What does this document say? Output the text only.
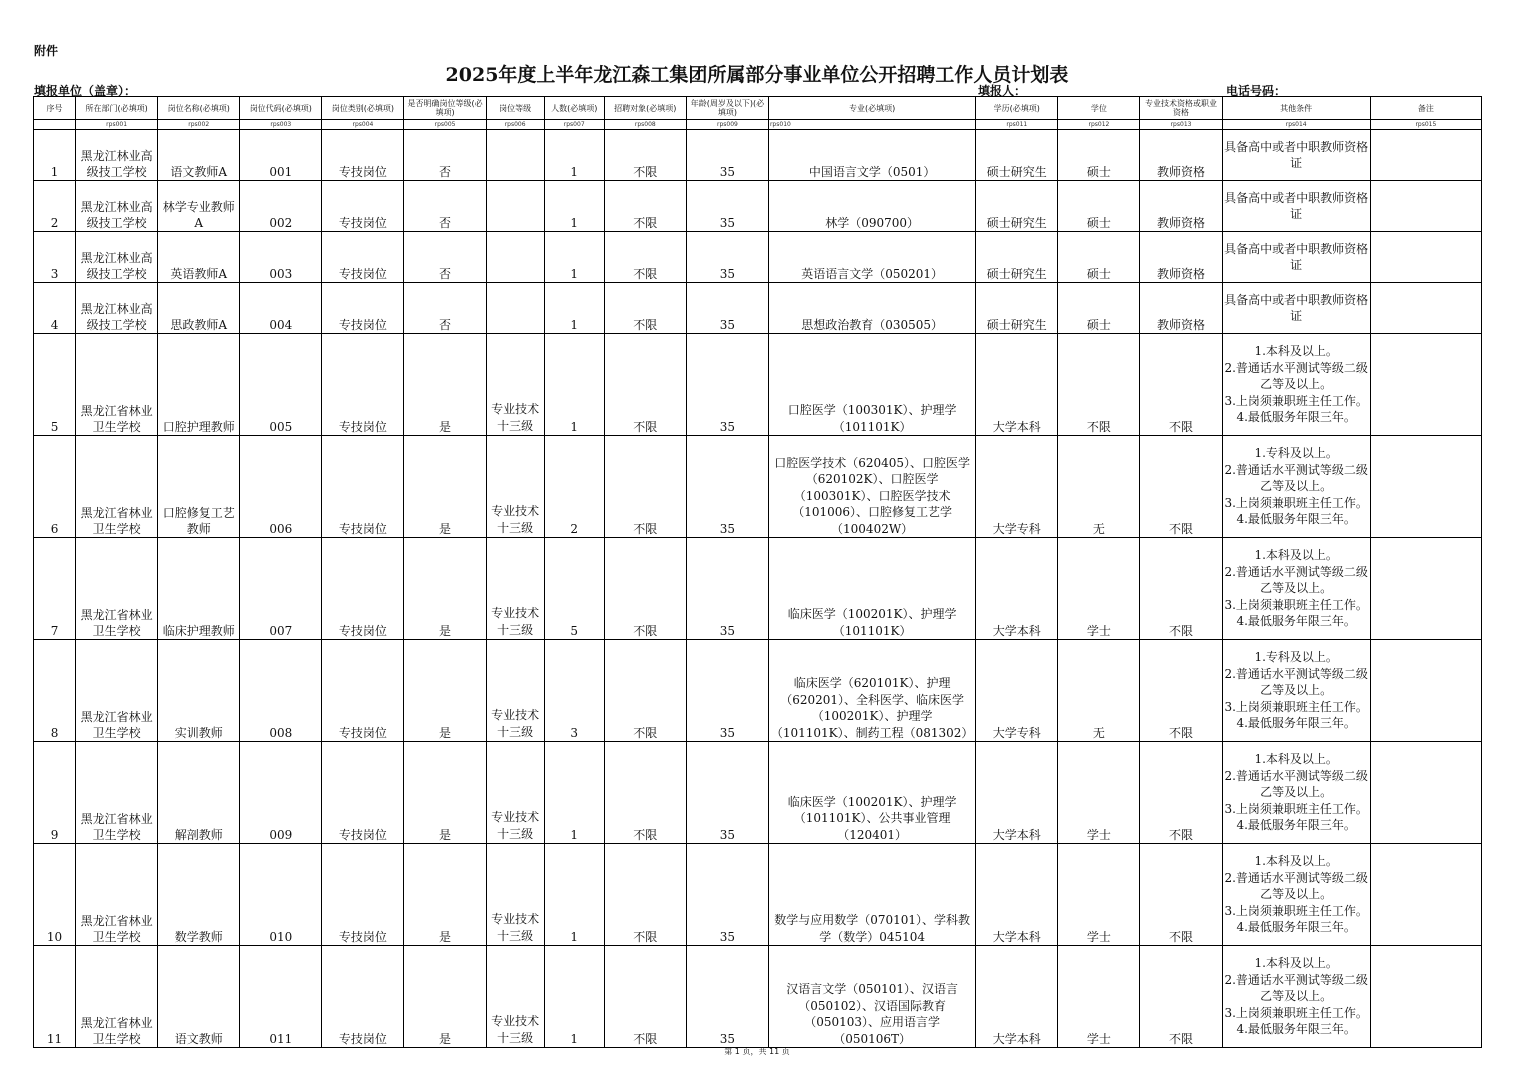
附件
2025年度上半年龙江森工集团所属部分事业单位公开招聘工作人员计划表
填报单位（盖章）：	填报人：	电话号码：
序号	所在部门(必填项)	岗位名称(必填项)	岗位代码(必填项)	岗位类别(必填项)	是否明确岗位等级(必填项)	岗位等级	人数(必填项)	招聘对象(必填项)	年龄(周岁及以下)(必填项)	专业(必填项)	学历(必填项)	学位	专业技术资格或职业资格	其他条件	备注
	rps001	rps002	rps003	rps004	rps005	rps006	rps007	rps008	rps009	rps010	rps011	rps012	rps013	rps014	rps015
1	黑龙江林业高级技工学校	语文教师A	001	专技岗位	否		1	不限	35	中国语言文学（0501）	硕士研究生	硕士	教师资格	具备高中或者中职教师资格证	
2	黑龙江林业高级技工学校	林学专业教师A	002	专技岗位	否		1	不限	35	林学（090700）	硕士研究生	硕士	教师资格	具备高中或者中职教师资格证	
3	黑龙江林业高级技工学校	英语教师A	003	专技岗位	否		1	不限	35	英语语言文学（050201）	硕士研究生	硕士	教师资格	具备高中或者中职教师资格证	
4	黑龙江林业高级技工学校	思政教师A	004	专技岗位	否		1	不限	35	思想政治教育（030505）	硕士研究生	硕士	教师资格	具备高中或者中职教师资格证	
5	黑龙江省林业卫生学校	口腔护理教师	005	专技岗位	是	专业技术十三级	1	不限	35	口腔医学（100301K）、护理学（101101K）	大学本科	不限	不限	1.本科及以上。
2.普通话水平测试等级二级乙等及以上。
3.上岗须兼职班主任工作。
4.最低服务年限三年。	
6	黑龙江省林业卫生学校	口腔修复工艺教师	006	专技岗位	是	专业技术十三级	2	不限	35	口腔医学技术（620405）、口腔医学（620102K）、口腔医学（100301K）、口腔医学技术（101006）、口腔修复工艺学（100402W）	大学专科	无	不限	1.专科及以上。
2.普通话水平测试等级二级乙等及以上。
3.上岗须兼职班主任工作。
4.最低服务年限三年。	
7	黑龙江省林业卫生学校	临床护理教师	007	专技岗位	是	专业技术十三级	5	不限	35	临床医学（100201K）、护理学（101101K）	大学本科	学士	不限	1.本科及以上。
2.普通话水平测试等级二级乙等及以上。
3.上岗须兼职班主任工作。
4.最低服务年限三年。	
8	黑龙江省林业卫生学校	实训教师	008	专技岗位	是	专业技术十三级	3	不限	35	临床医学（620101K）、护理（620201）、全科医学、临床医学（100201K）、护理学（101101K）、制药工程（081302）	大学专科	无	不限	1.专科及以上。
2.普通话水平测试等级二级乙等及以上。
3.上岗须兼职班主任工作。
4.最低服务年限三年。	
9	黑龙江省林业卫生学校	解剖教师	009	专技岗位	是	专业技术十三级	1	不限	35	临床医学（100201K）、护理学（101101K）、公共事业管理（120401）	大学本科	学士	不限	1.本科及以上。
2.普通话水平测试等级二级乙等及以上。
3.上岗须兼职班主任工作。
4.最低服务年限三年。	
10	黑龙江省林业卫生学校	数学教师	010	专技岗位	是	专业技术十三级	1	不限	35	数学与应用数学（070101）、学科教学（数学）045104	大学本科	学士	不限	1.本科及以上。
2.普通话水平测试等级二级乙等及以上。
3.上岗须兼职班主任工作。
4.最低服务年限三年。	
11	黑龙江省林业卫生学校	语文教师	011	专技岗位	是	专业技术十三级	1	不限	35	汉语言文学（050101）、汉语言（050102）、汉语国际教育（050103）、应用语言学（050106T）	大学本科	学士	不限	1.本科及以上。
2.普通话水平测试等级二级乙等及以上。
3.上岗须兼职班主任工作。
4.最低服务年限三年。	
第 1 页，共 11 页
